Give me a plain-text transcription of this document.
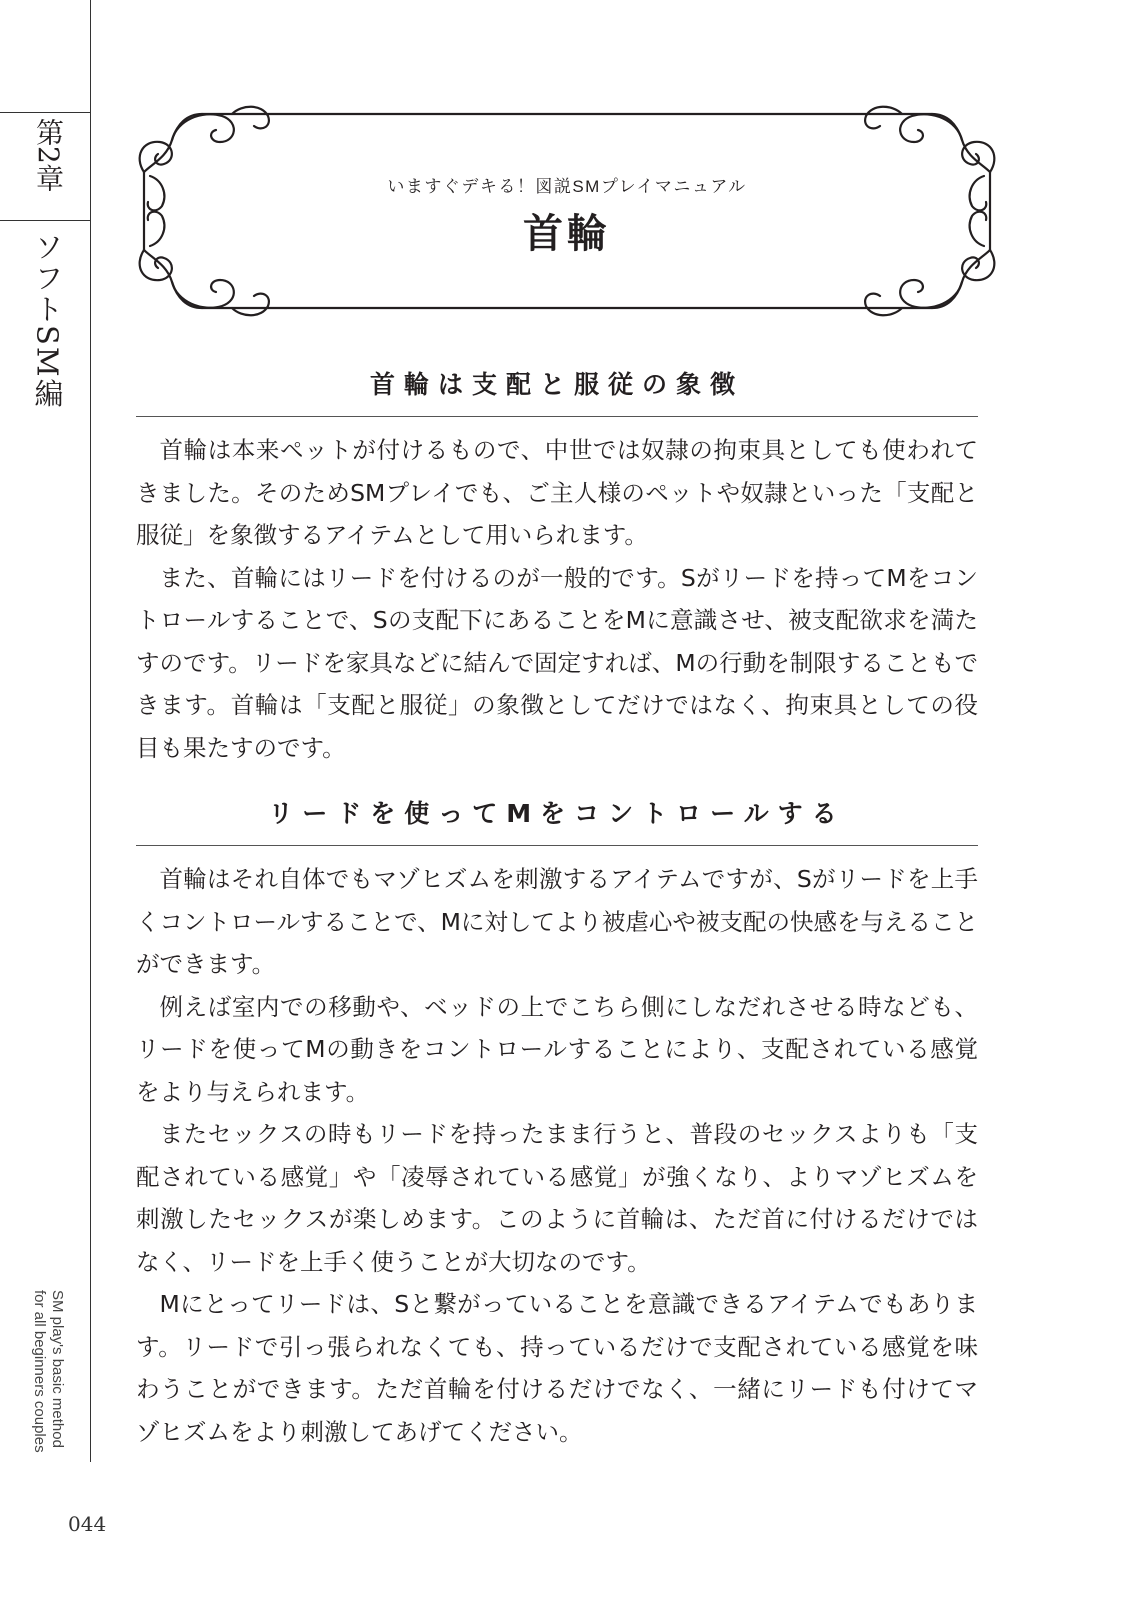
第2章
ソフトSM編
SM play's basic method
for all beginners couples
044
いますぐデキる！図説SMプレイマニュアル
首輪
首輪は支配と服従の象徴

首輪は本来ペットが付けるもので、中世では奴隷の拘束具としても使われてきました。そのためSMプレイでも、ご主人様のペットや奴隷といった「支配と服従」を象徴するアイテムとして用いられます。

また、首輪にはリードを付けるのが一般的です。Sがリードを持ってMをコントロールすることで、Sの支配下にあることをMに意識させ、被支配欲求を満たすのです。リードを家具などに結んで固定すれば、Mの行動を制限することもできます。首輪は「支配と服従」の象徴としてだけではなく、拘束具としての役目も果たすのです。

リードを使ってMをコントロールする

首輪はそれ自体でもマゾヒズムを刺激するアイテムですが、Sがリードを上手くコントロールすることで、Mに対してより被虐心や被支配の快感を与えることができます。

例えば室内での移動や、ベッドの上でこちら側にしなだれさせる時なども、リードを使ってMの動きをコントロールすることにより、支配されている感覚をより与えられます。

またセックスの時もリードを持ったまま行うと、普段のセックスよりも「支配されている感覚」や「凌辱されている感覚」が強くなり、よりマゾヒズムを刺激したセックスが楽しめます。このように首輪は、ただ首に付けるだけではなく、リードを上手く使うことが大切なのです。

Mにとってリードは、Sと繋がっていることを意識できるアイテムでもあります。リードで引っ張られなくても、持っているだけで支配されている感覚を味わうことができます。ただ首輪を付けるだけでなく、一緒にリードも付けてマゾヒズムをより刺激してあげてください。
